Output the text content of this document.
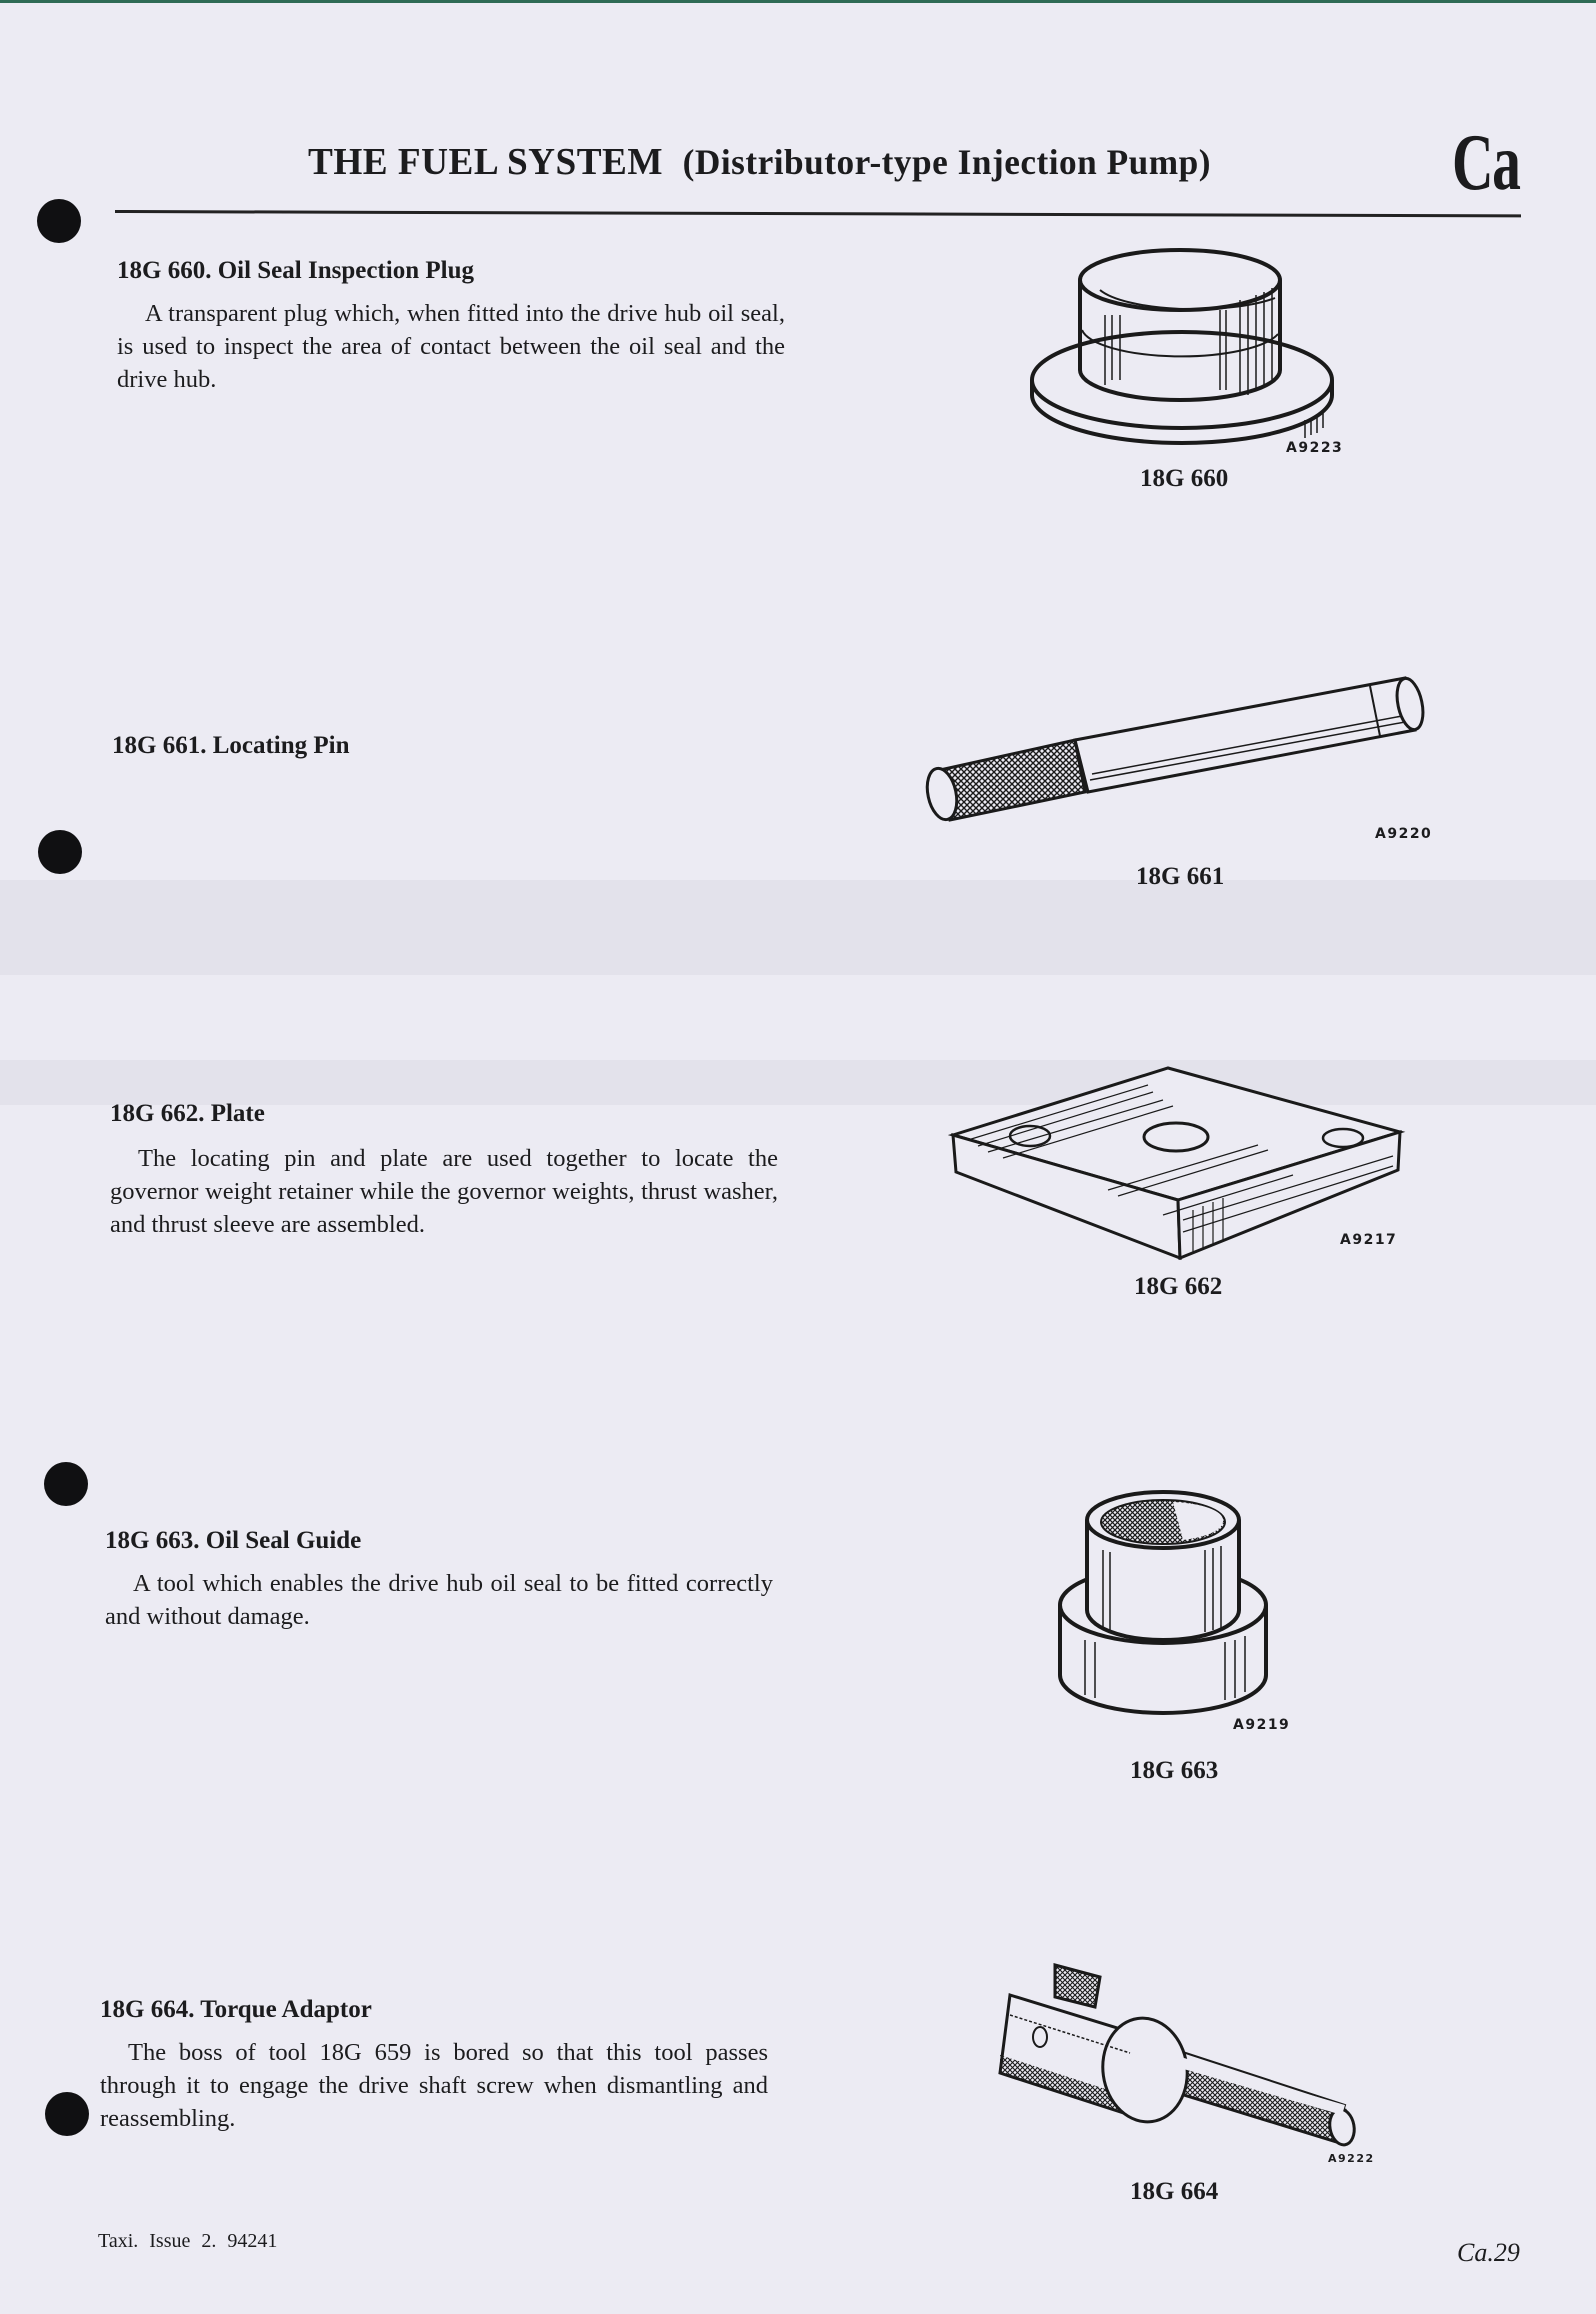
THE FUEL SYSTEM (Distributor-type Injection Pump)	Ca
18G 660. Oil Seal Inspection Plug
A transparent plug which, when fitted into the drive hub oil seal, is used to inspect the area of contact between the oil seal and the drive hub.
A9223
18G 660
18G 661. Locating Pin
A9220
18G 661
18G 662. Plate
The locating pin and plate are used together to locate the governor weight retainer while the governor weights, thrust washer, and thrust sleeve are assembled.
A9217
18G 662
18G 663. Oil Seal Guide
A tool which enables the drive hub oil seal to be fitted correctly and without damage.
A9219
18G 663
18G 664. Torque Adaptor
The boss of tool 18G 659 is bored so that this tool passes through it to engage the drive shaft screw when dismantling and reassembling.
A9222
18G 664
Taxi. Issue 2. 94241	Ca.29
